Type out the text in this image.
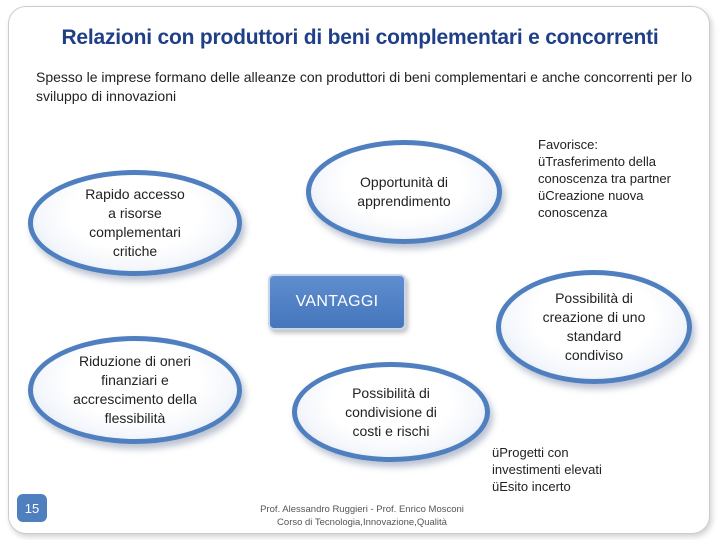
Relazioni con produttori di beni complementari e concorrenti
Spesso le imprese formano delle alleanze con produttori di beni complementari e anche concorrenti per lo sviluppo di innovazioni
Rapido accesso
a risorse
complementari
critiche
Opportunità di
apprendimento
VANTAGGI	Possibilità di
creazione di uno
standard
condiviso
Riduzione di oneri
finanziari e
accrescimento della
flessibilità
Possibilità di
condivisione di
costi e rischi
Favorisce:
üTrasferimento della
conoscenza tra partner
üCreazione nuova
conoscenza
üProgetti con
investimenti elevati
üEsito incerto
15	Prof. Alessandro Ruggieri - Prof. Enrico Mosconi
Corso di Tecnologia,Innovazione,Qualità
